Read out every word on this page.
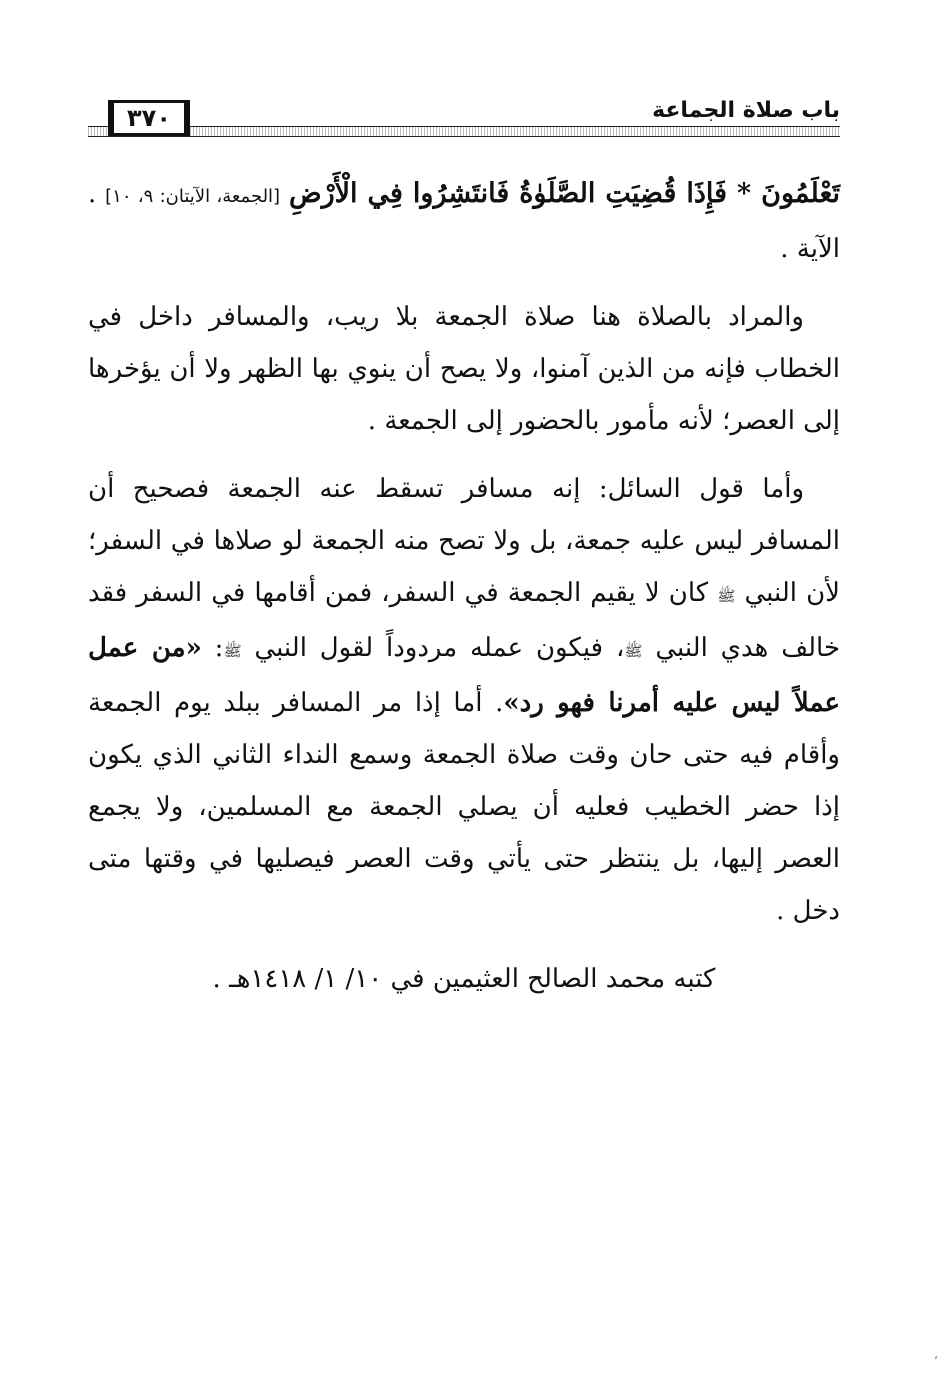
باب صلاة الجماعة
٣٧٠

تَعْلَمُونَ * فَإِذَا قُضِيَتِ الصَّلَوٰةُ فَانتَشِرُوا فِي الْأَرْضِ [الجمعة، الآيتان: ٩، ١٠] . الآية .

والمراد بالصلاة هنا صلاة الجمعة بلا ريب، والمسافر داخل في الخطاب فإنه من الذين آمنوا، ولا يصح أن ينوي بها الظهر ولا أن يؤخرها إلى العصر؛ لأنه مأمور بالحضور إلى الجمعة .

وأما قول السائل: إنه مسافر تسقط عنه الجمعة فصحيح أن المسافر ليس عليه جمعة، بل ولا تصح منه الجمعة لو صلاها في السفر؛ لأن النبي ﷺ كان لا يقيم الجمعة في السفر، فمن أقامها في السفر فقد خالف هدي النبي ﷺ، فيكون عمله مردوداً لقول النبي ﷺ: «من عمل عملاً ليس عليه أمرنا فهو رد». أما إذا مر المسافر ببلد يوم الجمعة وأقام فيه حتى حان وقت صلاة الجمعة وسمع النداء الثاني الذي يكون إذا حضر الخطيب فعليه أن يصلي الجمعة مع المسلمين، ولا يجمع العصر إليها، بل ينتظر حتى يأتي وقت العصر فيصليها في وقتها متى دخل .

كتبه محمد الصالح العثيمين في ١٠/ ١/ ١٤١٨هـ .

٬
